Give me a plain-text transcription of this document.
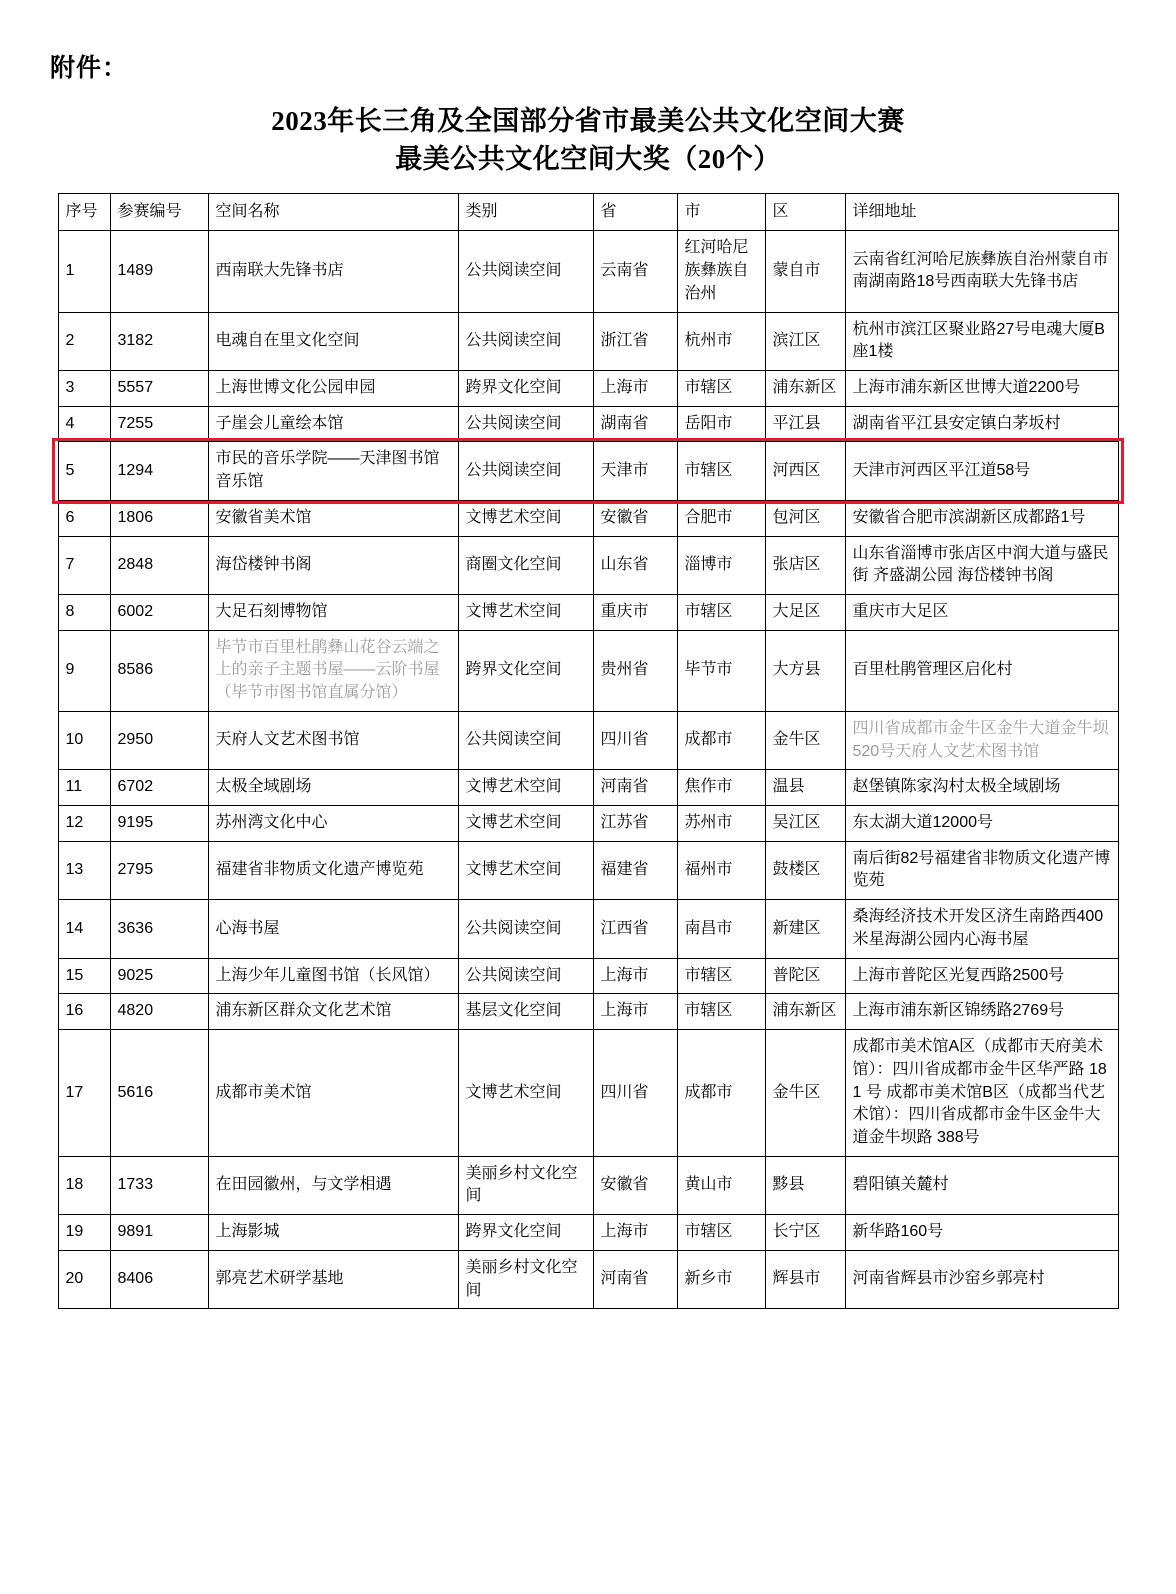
附件：
2023年长三角及全国部分省市最美公共文化空间大赛
最美公共文化空间大奖（20个）
序号	参赛编号	空间名称	类别	省	市	区	详细地址
1	1489	西南联大先锋书店	公共阅读空间	云南省	红河哈尼族彝族自治州	蒙自市	云南省红河哈尼族彝族自治州蒙自市南湖南路18号西南联大先锋书店
2	3182	电魂自在里文化空间	公共阅读空间	浙江省	杭州市	滨江区	杭州市滨江区聚业路27号电魂大厦B座1楼
3	5557	上海世博文化公园申园	跨界文化空间	上海市	市辖区	浦东新区	上海市浦东新区世博大道2200号
4	7255	子崖会儿童绘本馆	公共阅读空间	湖南省	岳阳市	平江县	湖南省平江县安定镇白茅坂村
5	1294	市民的音乐学院——天津图书馆音乐馆	公共阅读空间	天津市	市辖区	河西区	天津市河西区平江道58号
6	1806	安徽省美术馆	文博艺术空间	安徽省	合肥市	包河区	安徽省合肥市滨湖新区成都路1号
7	2848	海岱楼钟书阁	商圈文化空间	山东省	淄博市	张店区	山东省淄博市张店区中润大道与盛民街 齐盛湖公园 海岱楼钟书阁
8	6002	大足石刻博物馆	文博艺术空间	重庆市	市辖区	大足区	重庆市大足区
9	8586	毕节市百里杜鹃彝山花谷云端之上的亲子主题书屋——云阶书屋（毕节市图书馆直属分馆）	跨界文化空间	贵州省	毕节市	大方县	百里杜鹃管理区启化村
10	2950	天府人文艺术图书馆	公共阅读空间	四川省	成都市	金牛区	四川省成都市金牛区金牛大道金牛坝520号天府人文艺术图书馆
11	6702	太极全域剧场	文博艺术空间	河南省	焦作市	温县	赵堡镇陈家沟村太极全域剧场
12	9195	苏州湾文化中心	文博艺术空间	江苏省	苏州市	吴江区	东太湖大道12000号
13	2795	福建省非物质文化遗产博览苑	文博艺术空间	福建省	福州市	鼓楼区	南后街82号福建省非物质文化遗产博览苑
14	3636	心海书屋	公共阅读空间	江西省	南昌市	新建区	桑海经济技术开发区济生南路西400米星海湖公园内心海书屋
15	9025	上海少年儿童图书馆（长风馆）	公共阅读空间	上海市	市辖区	普陀区	上海市普陀区光复西路2500号
16	4820	浦东新区群众文化艺术馆	基层文化空间	上海市	市辖区	浦东新区	上海市浦东新区锦绣路2769号
17	5616	成都市美术馆	文博艺术空间	四川省	成都市	金牛区	成都市美术馆A区（成都市天府美术馆）：四川省成都市金牛区华严路 181 号 成都市美术馆B区（成都当代艺术馆）：四川省成都市金牛区金牛大道金牛坝路 388号
18	1733	在田园徽州，与文学相遇	美丽乡村文化空间	安徽省	黄山市	黟县	碧阳镇关麓村
19	9891	上海影城	跨界文化空间	上海市	市辖区	长宁区	新华路160号
20	8406	郭亮艺术研学基地	美丽乡村文化空间	河南省	新乡市	辉县市	河南省辉县市沙窑乡郭亮村
